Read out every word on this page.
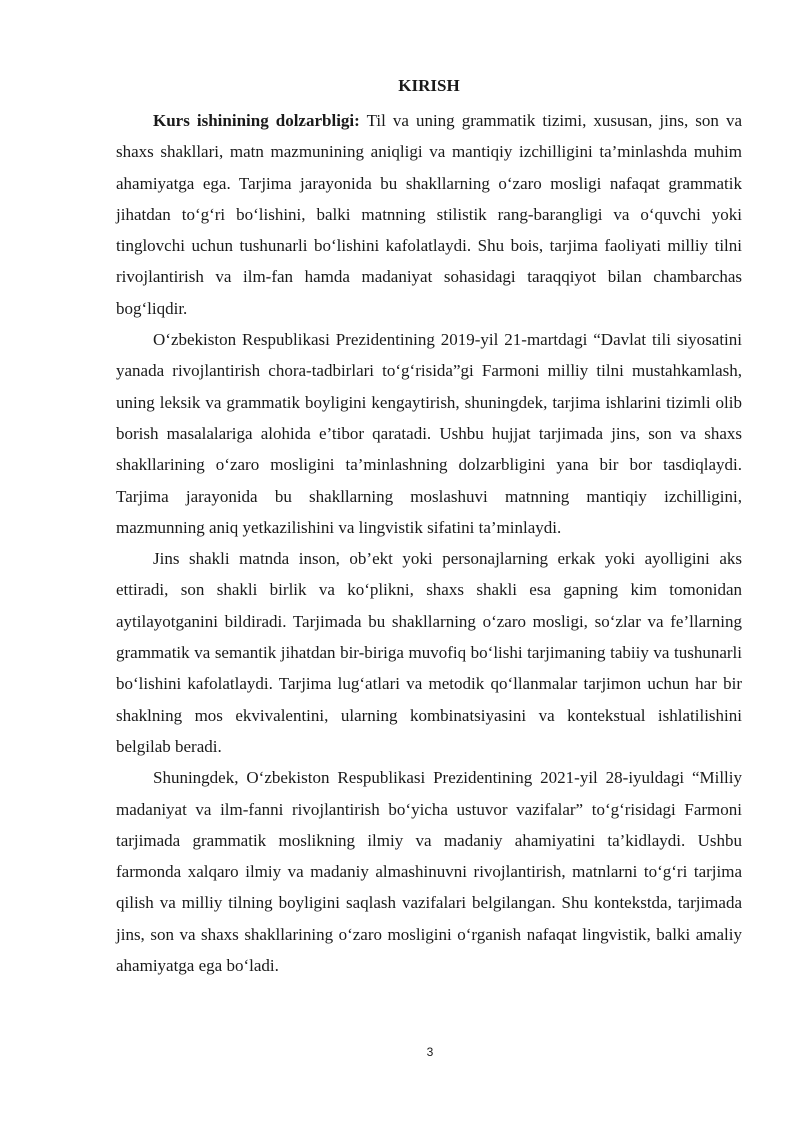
KIRISH

Kurs ishinining dolzarbligi: Til va uning grammatik tizimi, xususan, jins, son va shaxs shakllari, matn mazmunining aniqligi va mantiqiy izchilligini ta’minlashda muhim ahamiyatga ega. Tarjima jarayonida bu shakllarning o‘zaro mosligi nafaqat grammatik jihatdan to‘g‘ri bo‘lishini, balki matnning stilistik rang-barangligi va o‘quvchi yoki tinglovchi uchun tushunarli bo‘lishini kafolatlaydi. Shu bois, tarjima faoliyati milliy tilni rivojlantirish va ilm-fan hamda madaniyat sohasidagi taraqqiyot bilan chambarchas bog‘liqdir.

O‘zbekiston Respublikasi Prezidentining 2019-yil 21-martdagi “Davlat tili siyosatini yanada rivojlantirish chora-tadbirlari to‘g‘risida”gi Farmoni milliy tilni mustahkamlash, uning leksik va grammatik boyligini kengaytirish, shuningdek, tarjima ishlarini tizimli olib borish masalalariga alohida e’tibor qaratadi. Ushbu hujjat tarjimada jins, son va shaxs shakllarining o‘zaro mosligini ta’minlashning dolzarbligini yana bir bor tasdiqlaydi. Tarjima jarayonida bu shakllarning moslashuvi matnning mantiqiy izchilligini, mazmunning aniq yetkazilishini va lingvistik sifatini ta’minlaydi.

Jins shakli matnda inson, ob’ekt yoki personajlarning erkak yoki ayolligini aks ettiradi, son shakli birlik va ko‘plikni, shaxs shakli esa gapning kim tomonidan aytilayotganini bildiradi. Tarjimada bu shakllarning o‘zaro mosligi, so‘zlar va fe’llarning grammatik va semantik jihatdan bir-biriga muvofiq bo‘lishi tarjimaning tabiiy va tushunarli bo‘lishini kafolatlaydi. Tarjima lug‘atlari va metodik qo‘llanmalar tarjimon uchun har bir shaklning mos ekvivalentini, ularning kombinatsiyasini va kontekstual ishlatilishini belgilab beradi.

Shuningdek, O‘zbekiston Respublikasi Prezidentining 2021-yil 28-iyuldagi “Milliy madaniyat va ilm-fanni rivojlantirish bo‘yicha ustuvor vazifalar” to‘g‘risidagi Farmoni tarjimada grammatik moslikning ilmiy va madaniy ahamiyatini ta’kidlaydi. Ushbu farmonda xalqaro ilmiy va madaniy almashinuvni rivojlantirish, matnlarni to‘g‘ri tarjima qilish va milliy tilning boyligini saqlash vazifalari belgilangan. Shu kontekstda, tarjimada jins, son va shaxs shakllarining o‘zaro mosligini o‘rganish nafaqat lingvistik, balki amaliy ahamiyatga ega bo‘ladi.

3
